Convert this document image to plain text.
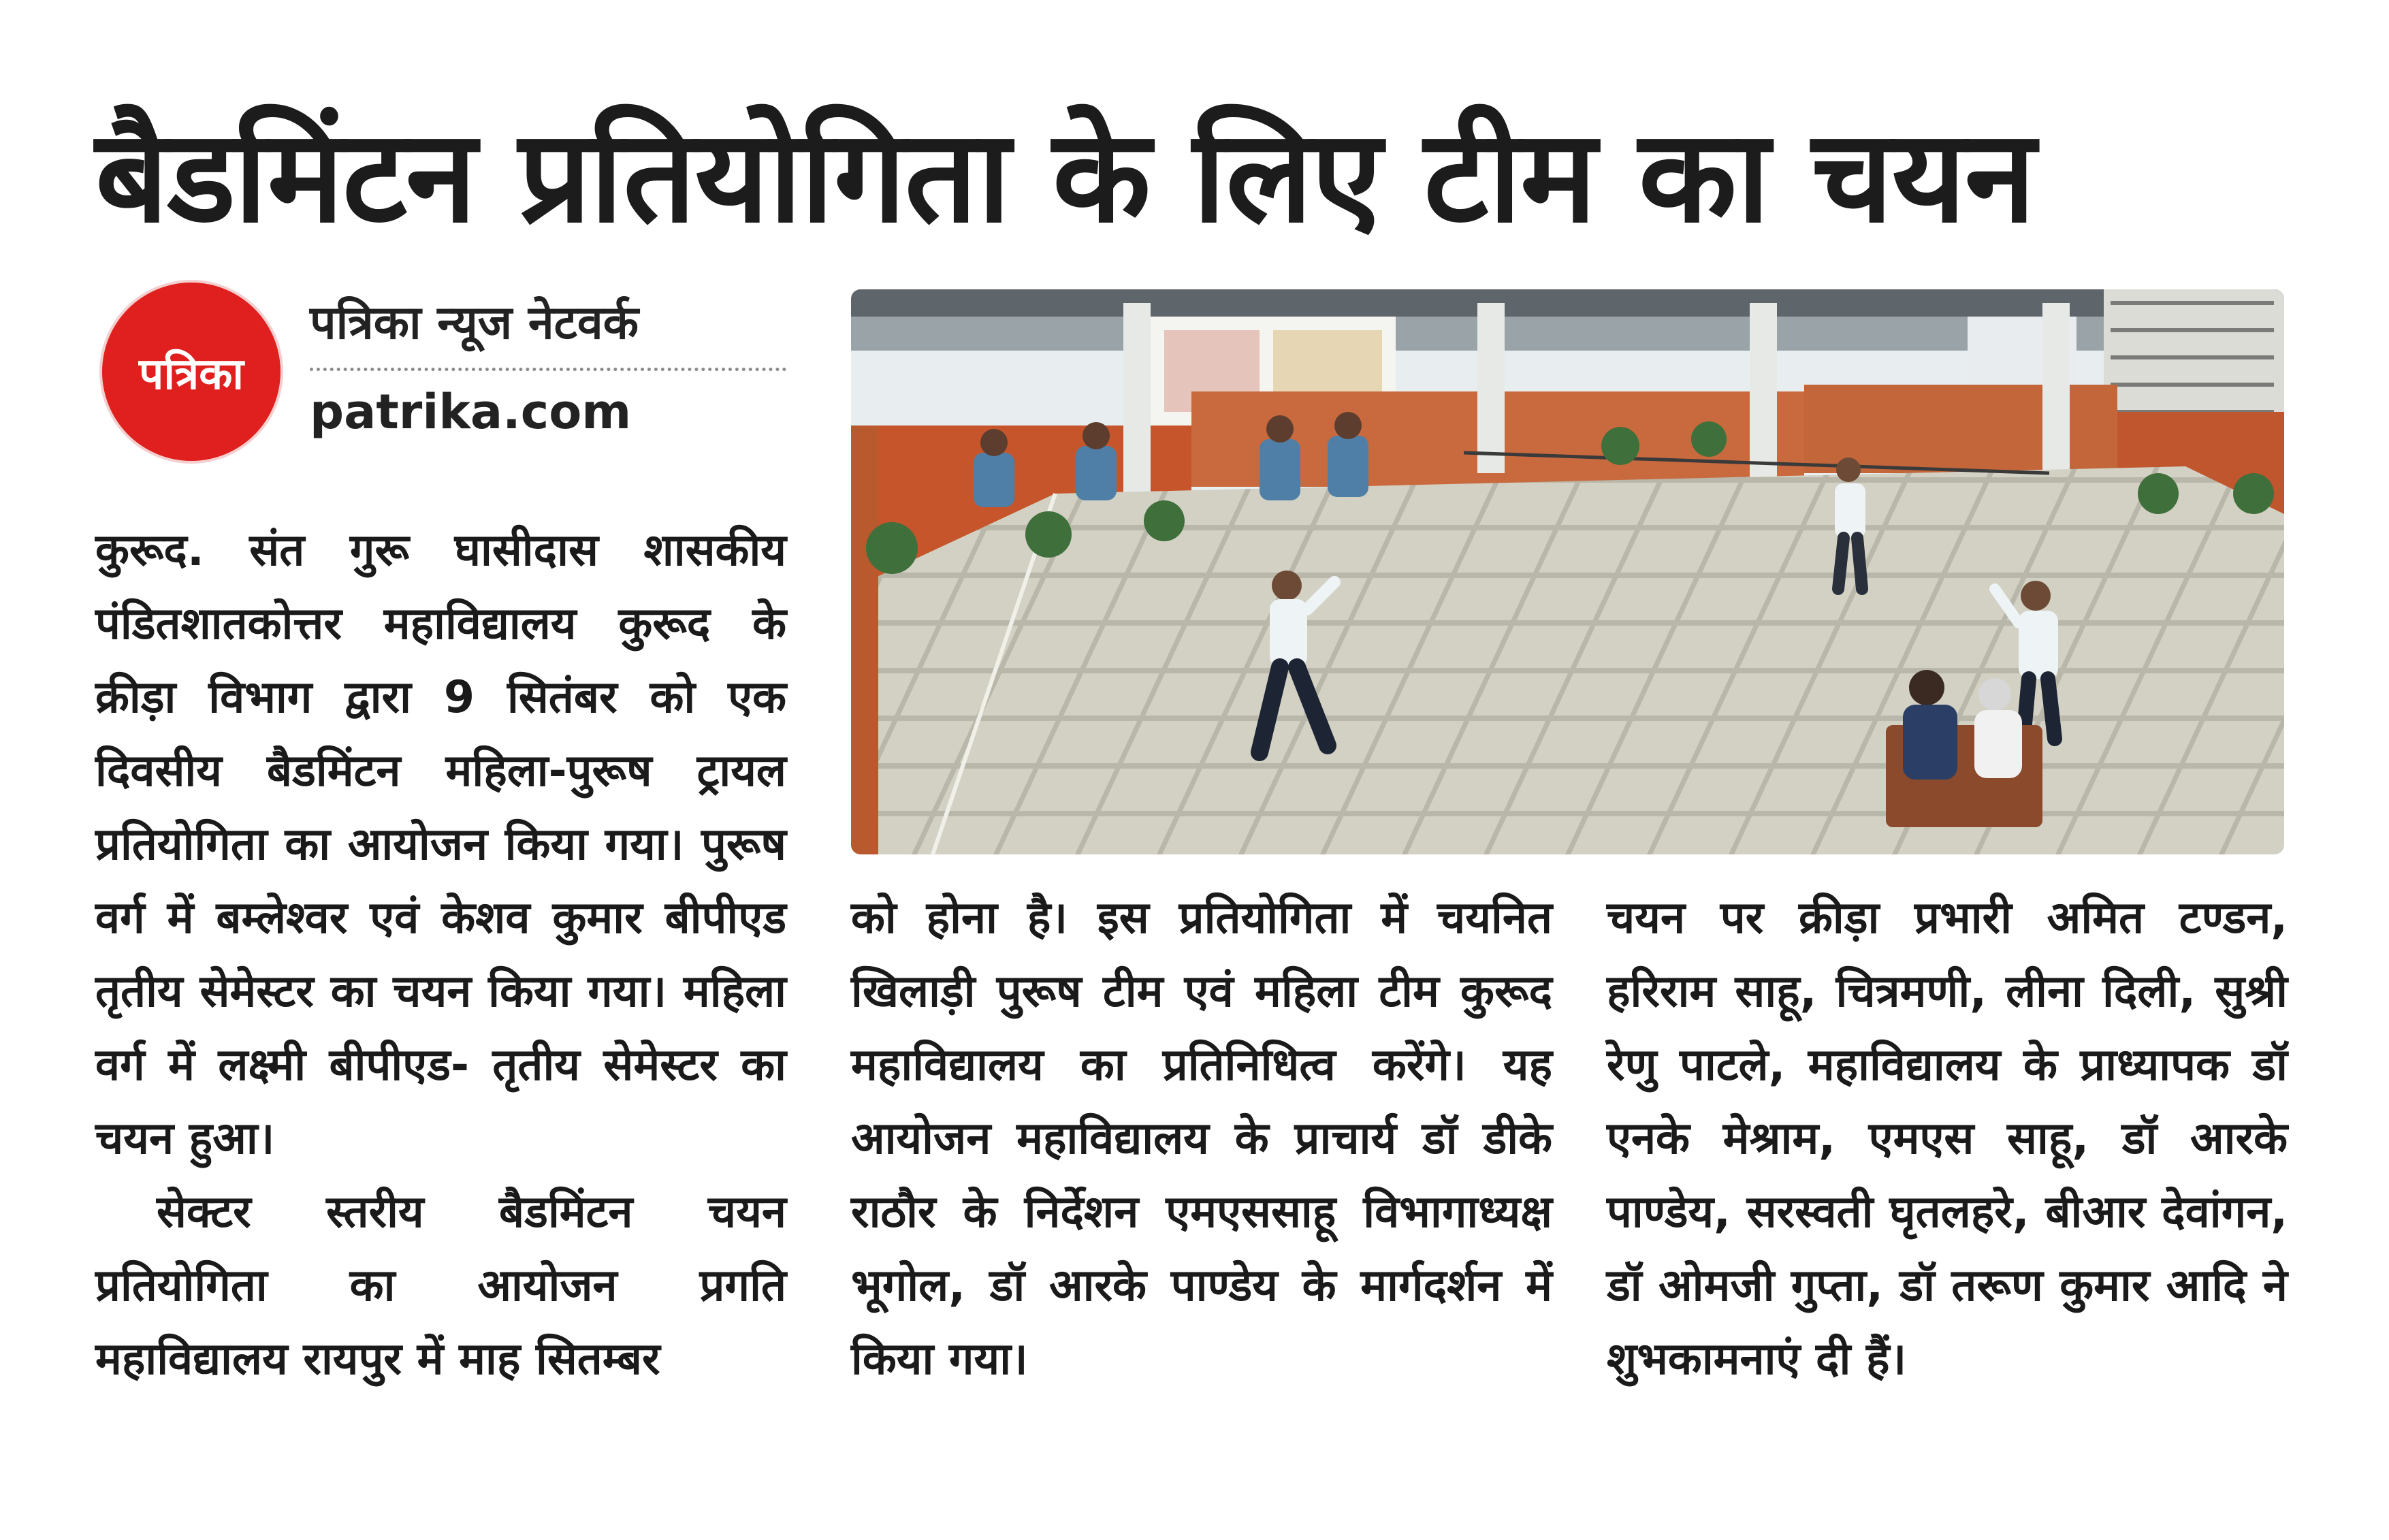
बैडमिंटन प्रतियोगिता के लिए टीम का चयन
पत्रिका
पत्रिका न्यूज नेटवर्क
patrika.com

कुरूद. संत गुरू घासीदास शासकीय पंडितशातकोत्तर महाविद्यालय कुरूद के क्रीड़ा विभाग द्वारा 9 सितंबर को एक दिवसीय बैडमिंटन महिला-पुरूष ट्रायल प्रतियोगिता का आयोजन किया गया। पुरूष वर्ग में बम्लेश्वर एवं केशव कुमार बीपीएड तृतीय सेमेस्टर का चयन किया गया। महिला वर्ग में लक्ष्मी बीपीएड- तृतीय सेमेस्टर का चयन हुआ।

सेक्टर स्तरीय बैडमिंटन चयन प्रतियोगिता का आयोजन प्रगति महाविद्यालय रायपुर में माह सितम्बर

को होना है। इस प्रतियोगिता में चयनित खिलाड़ी पुरूष टीम एवं महिला टीम कुरूद महाविद्यालय का प्रतिनिधित्व करेंगे। यह आयोजन महाविद्यालय के प्राचार्य डॉ डीके राठौर के निर्देशन एमएससाहू विभागाध्यक्ष भूगोल, डॉ आरके पाण्डेय के मार्गदर्शन में किया गया।

चयन पर क्रीड़ा प्रभारी अमित टण्डन, हरिराम साहू, चित्रमणी, लीना दिली, सुश्री रेणु पाटले, महाविद्यालय के प्राध्यापक डॉ एनके मेश्राम, एमएस साहू, डॉ आरके पाण्डेय, सरस्वती घृतलहरे, बीआर देवांगन, डॉ ओमजी गुप्ता, डॉ तरूण कुमार आदि ने शुभकामनाएं दी हैं।
